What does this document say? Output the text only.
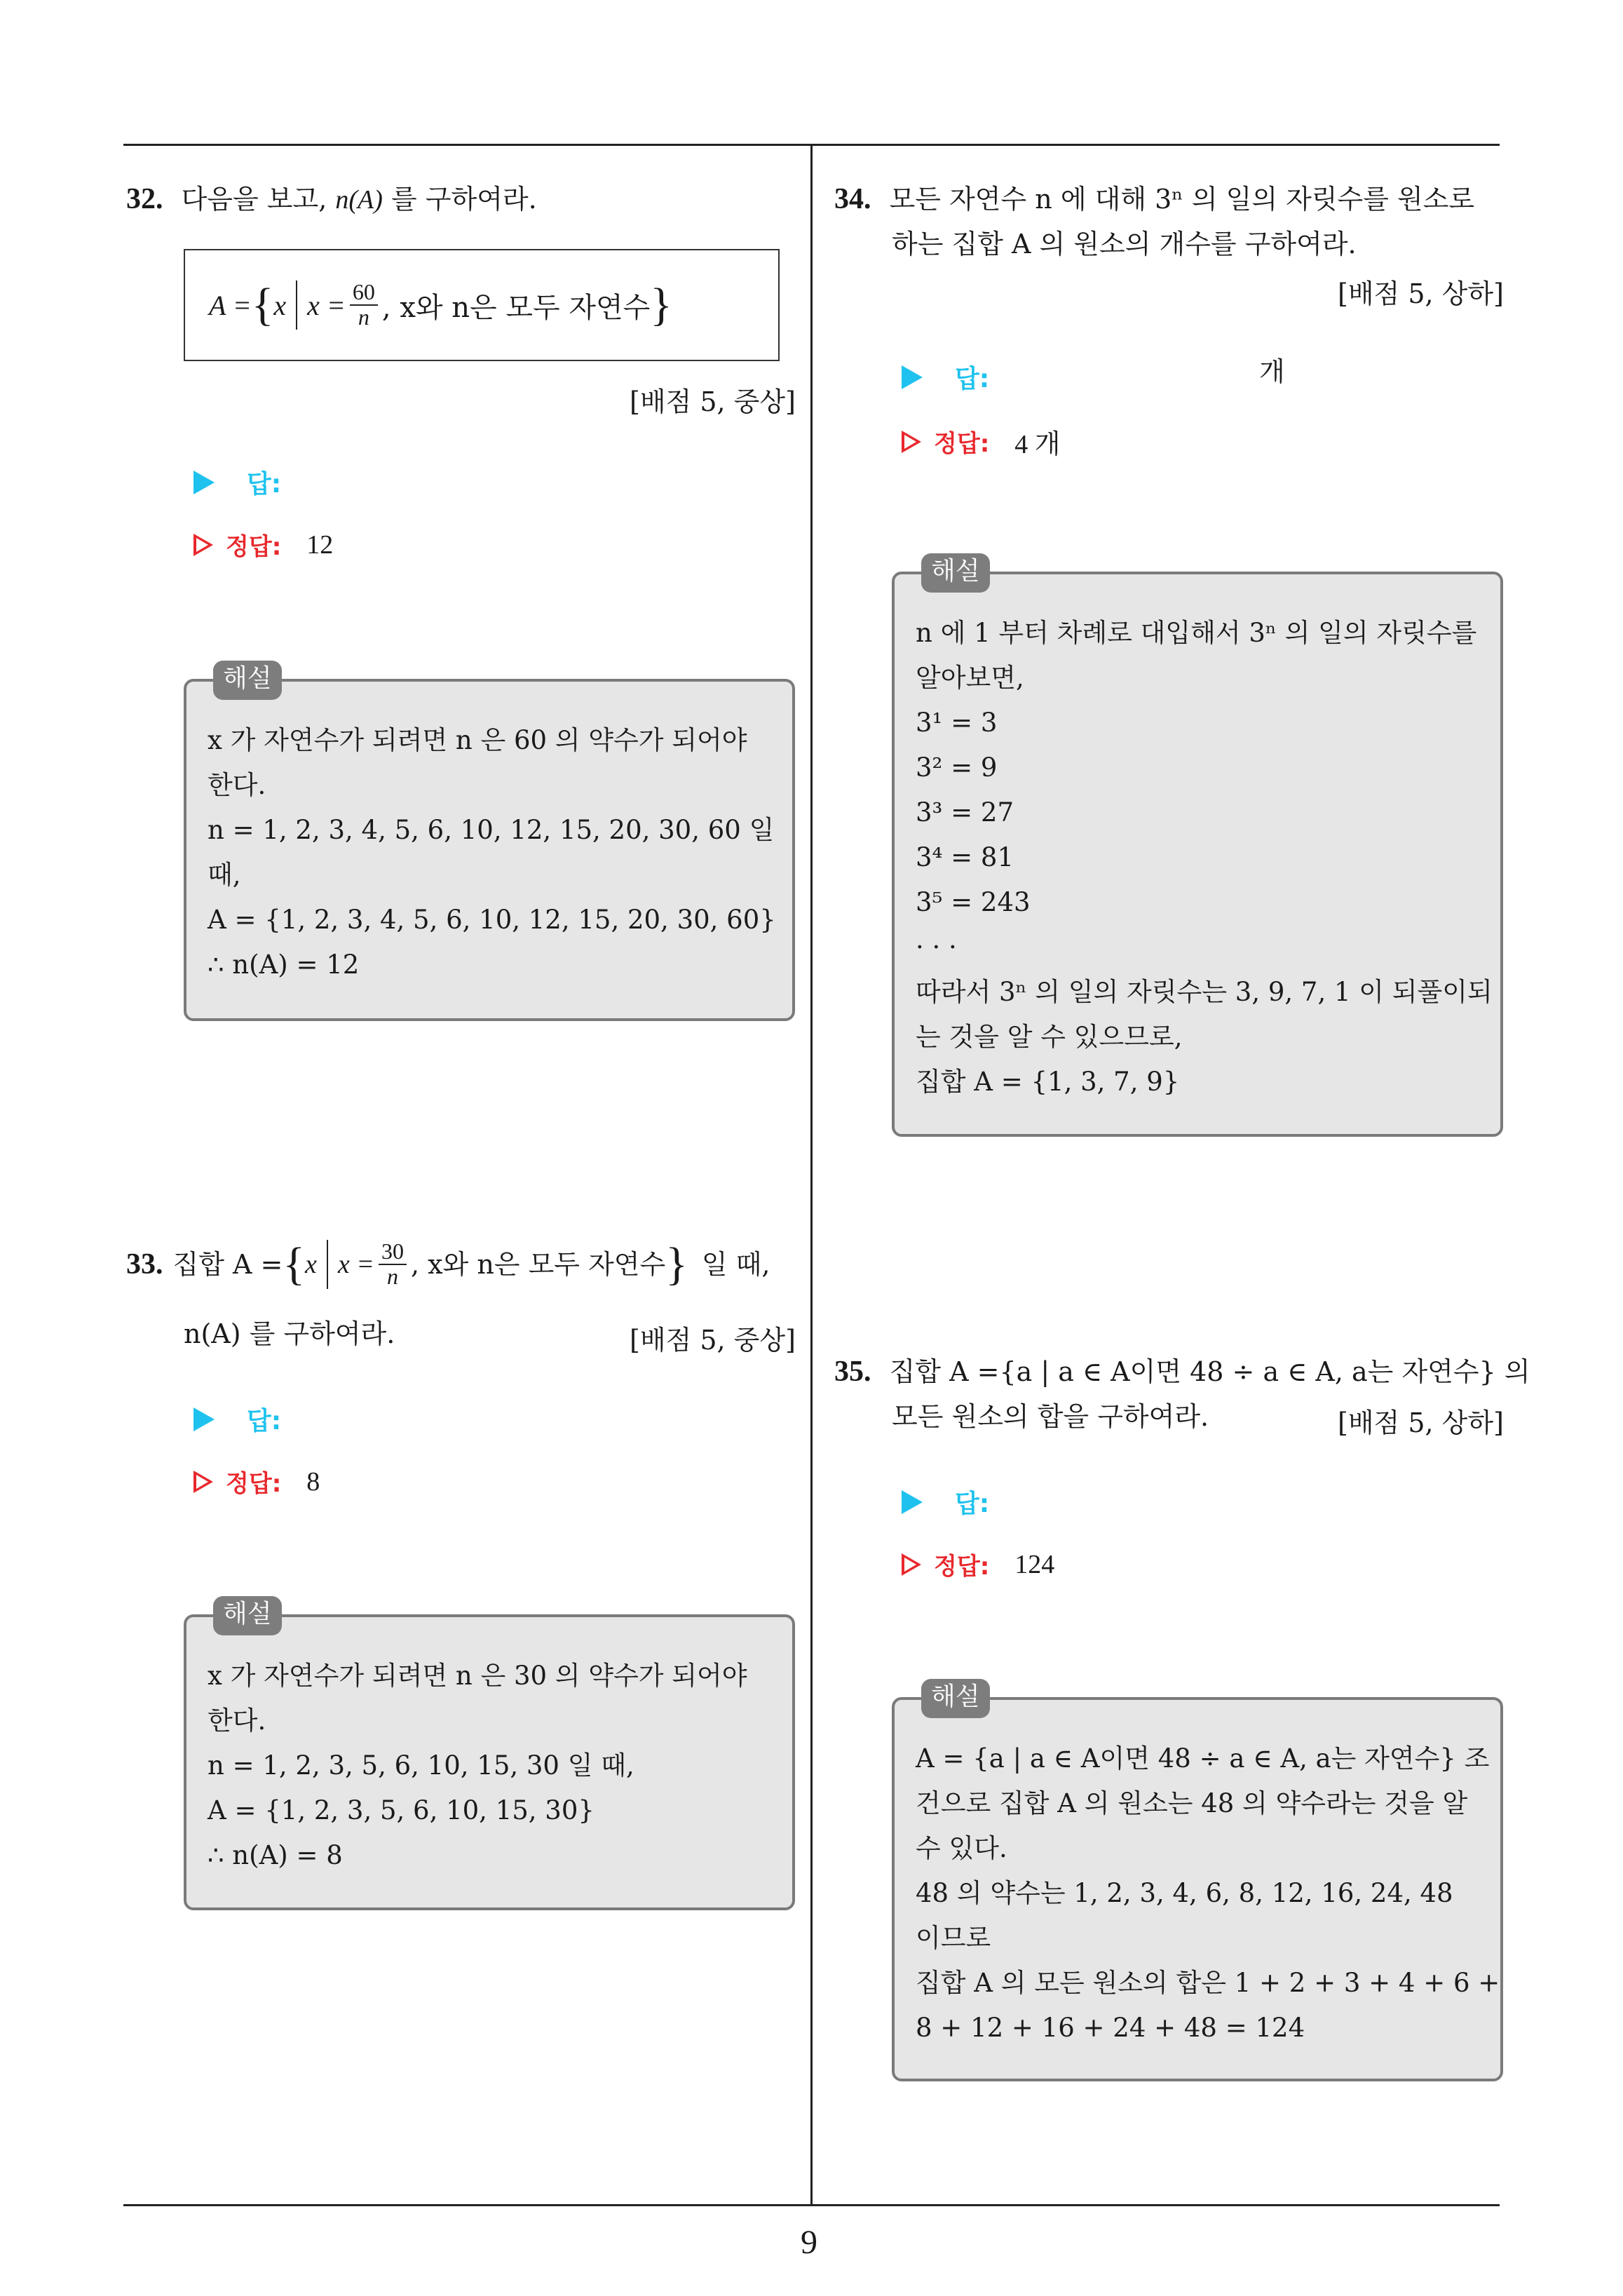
32. 다음을 보고, n(A) 를 구하여라.
A = { x $x = \frac{60}{n}$ , x와 n은 모두 자연수 }
[배점 5, 중상]
답:
정답: 12
해설
x 가 자연수가 되려면 n 은 60 의 약수가 되어야
한다.
n = 1, 2, 3, 4, 5, 6, 10, 12, 15, 20, 30, 60 일
때,
A = {1, 2, 3, 4, 5, 6, 10, 12, 15, 20, 30, 60}
∴ n(A) = 12
33. 집합 A = { x $x = \frac{30}{n}$ , x와 n은 모두 자연수 } 일 때,
n(A) 를 구하여라.	[배점 5, 중상]
답:
정답: 8
해설
x 가 자연수가 되려면 n 은 30 의 약수가 되어야
한다.
n = 1, 2, 3, 5, 6, 10, 15, 30 일 때,
A = {1, 2, 3, 5, 6, 10, 15, 30}
∴ n(A) = 8
34. 모든 자연수 n 에 대해 3ⁿ 의 일의 자릿수를 원소로
하는 집합 A 의 원소의 개수를 구하여라.
[배점 5, 상하]
답:	개
정답: 4 개
해설
n 에 1 부터 차례로 대입해서 3ⁿ 의 일의 자릿수를
알아보면,
3¹ = 3
3² = 9
3³ = 27
3⁴ = 81
3⁵ = 243
· · ·
따라서 3ⁿ 의 일의 자릿수는 3, 9, 7, 1 이 되풀이되
는 것을 알 수 있으므로,
집합 A = {1, 3, 7, 9}
35. 집합 A ={a | a ∈ A이면 48 ÷ a ∈ A, a는 자연수} 의
모든 원소의 합을 구하여라.	[배점 5, 상하]
답:
정답: 124
해설
A = {a | a ∈ A이면 48 ÷ a ∈ A, a는 자연수} 조
건으로 집합 A 의 원소는 48 의 약수라는 것을 알
수 있다.
48 의 약수는 1, 2, 3, 4, 6, 8, 12, 16, 24, 48
이므로
집합 A 의 모든 원소의 합은 1 + 2 + 3 + 4 + 6 +
8 + 12 + 16 + 24 + 48 = 124
9
